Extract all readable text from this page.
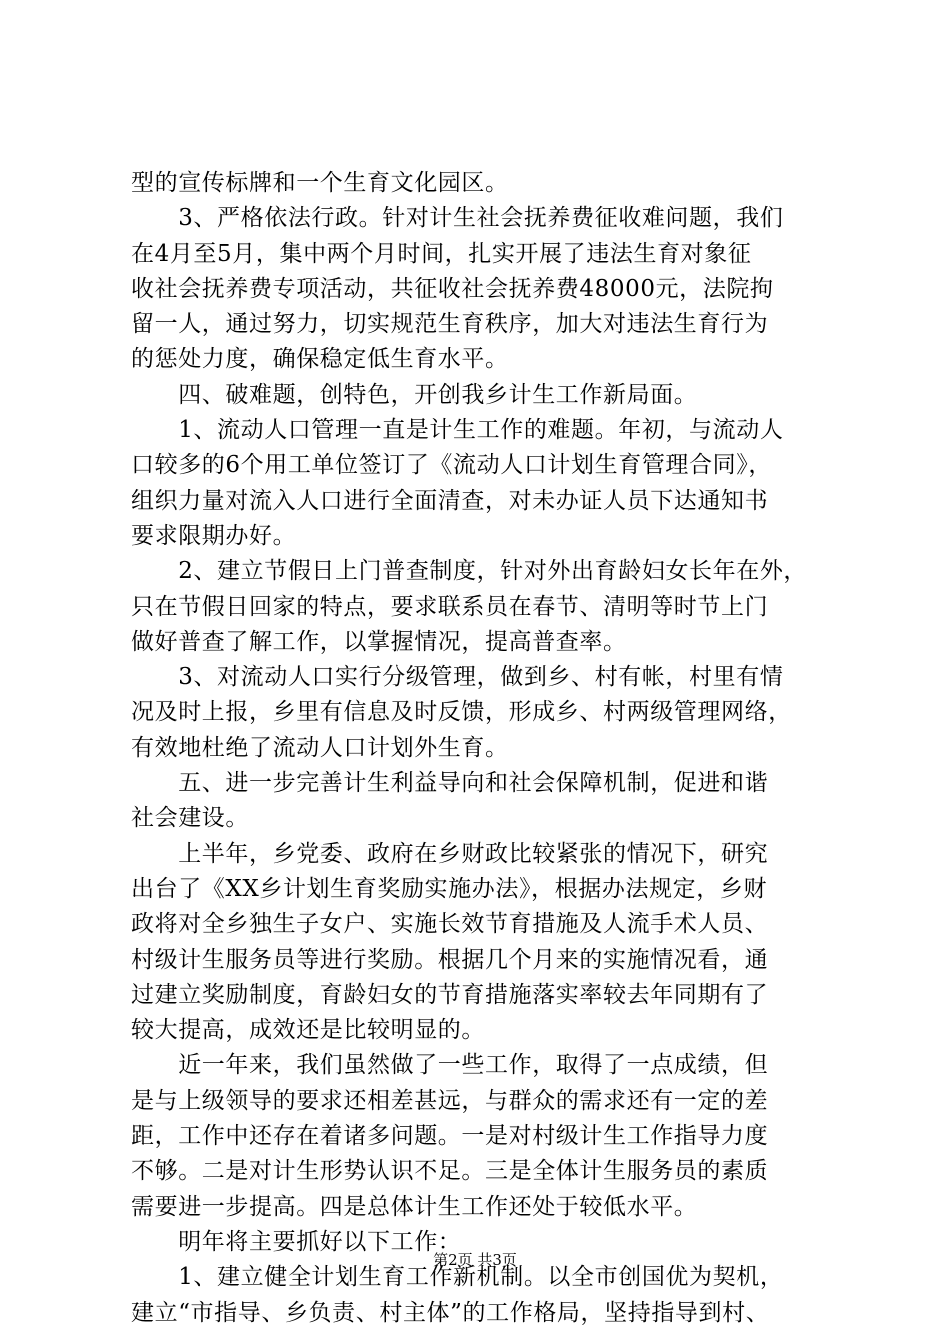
型的宣传标牌和一个生育文化园区。
　　3、严格依法行政。针对计生社会抚养费征收难问题，我们
在4月至5月，集中两个月时间，扎实开展了违法生育对象征
收社会抚养费专项活动，共征收社会抚养费48000元，法院拘
留一人，通过努力，切实规范生育秩序，加大对违法生育行为
的惩处力度，确保稳定低生育水平。
　　四、破难题，创特色，开创我乡计生工作新局面。
　　1、流动人口管理一直是计生工作的难题。年初，与流动人
口较多的6个用工单位签订了《流动人口计划生育管理合同》，
组织力量对流入人口进行全面清查，对未办证人员下达通知书
要求限期办好。
　　2、建立节假日上门普查制度，针对外出育龄妇女长年在外，
只在节假日回家的特点，要求联系员在春节、清明等时节上门
做好普查了解工作，以掌握情况，提高普查率。
　　3、对流动人口实行分级管理，做到乡、村有帐，村里有情
况及时上报，乡里有信息及时反馈，形成乡、村两级管理网络，
有效地杜绝了流动人口计划外生育。
　　五、进一步完善计生利益导向和社会保障机制，促进和谐
社会建设。
　　上半年，乡党委、政府在乡财政比较紧张的情况下，研究
出台了《XX乡计划生育奖励实施办法》，根据办法规定，乡财
政将对全乡独生子女户、实施长效节育措施及人流手术人员、
村级计生服务员等进行奖励。根据几个月来的实施情况看，通
过建立奖励制度，育龄妇女的节育措施落实率较去年同期有了
较大提高，成效还是比较明显的。
　　近一年来，我们虽然做了一些工作，取得了一点成绩，但
是与上级领导的要求还相差甚远，与群众的需求还有一定的差
距，工作中还存在着诸多问题。一是对村级计生工作指导力度
不够。二是对计生形势认识不足。三是全体计生服务员的素质
需要进一步提高。四是总体计生工作还处于较低水平。
　　明年将主要抓好以下工作：
　　1、建立健全计划生育工作新机制。以全市创国优为契机，
建立“市指导、乡负责、村主体”的工作格局，坚持指导到村、
第2页 共3页
